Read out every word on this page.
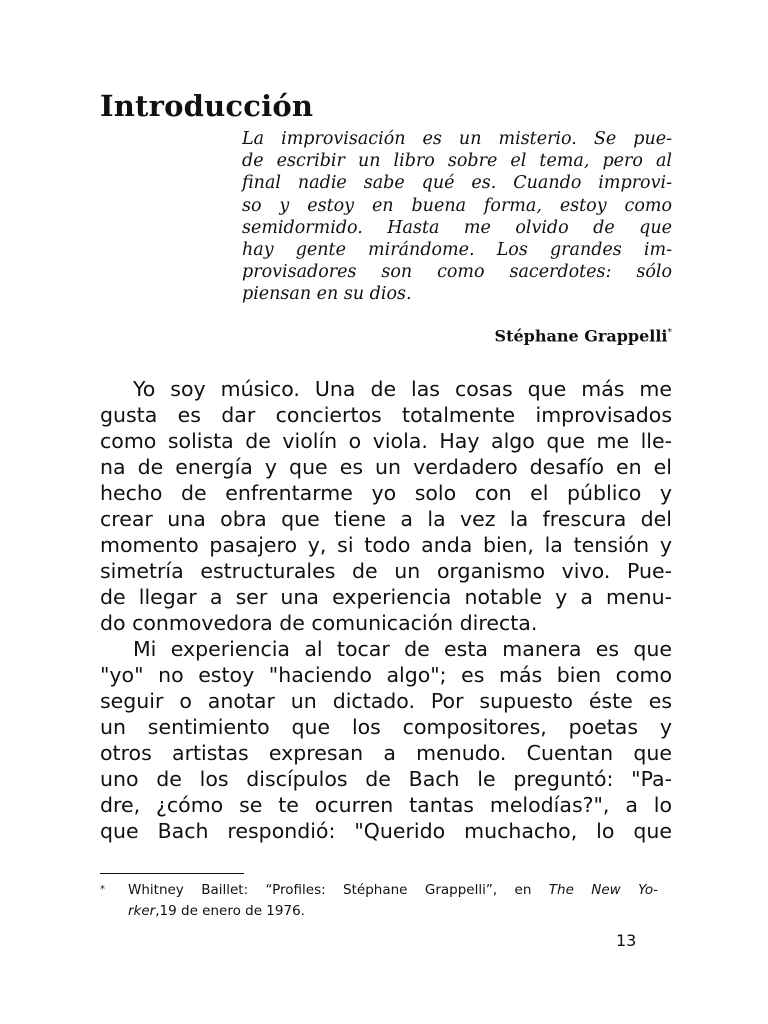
Introducción
La improvisación es un misterio. Se pue-
de escribir un libro sobre el tema, pero al
final nadie sabe qué es. Cuando improvi-
so y estoy en buena forma, estoy como
semidormido. Hasta me olvido de que
hay gente mirándome. Los grandes im-
provisadores son como sacerdotes: sólo
piensan en su dios.
Stéphane Grappelli*
Yo soy músico. Una de las cosas que más me
gusta es dar conciertos totalmente improvisados
como solista de violín o viola. Hay algo que me lle-
na de energía y que es un verdadero desafío en el
hecho de enfrentarme yo solo con el público y
crear una obra que tiene a la vez la frescura del
momento pasajero y, si todo anda bien, la tensión y
simetría estructurales de un organismo vivo. Pue-
de llegar a ser una experiencia notable y a menu-
do conmovedora de comunicación directa.
Mi experiencia al tocar de esta manera es que
"yo" no estoy "haciendo algo"; es más bien como
seguir o anotar un dictado. Por supuesto éste es
un sentimiento que los compositores, poetas y
otros artistas expresan a menudo. Cuentan que
uno de los discípulos de Bach le preguntó: "Pa-
dre, ¿cómo se te ocurren tantas melodías?", a lo
que Bach respondió: "Querido muchacho, lo que
* Whitney Baillet: “Profiles: Stéphane Grappelli”, en The New Yo-
rker,19 de enero de 1976.
13
